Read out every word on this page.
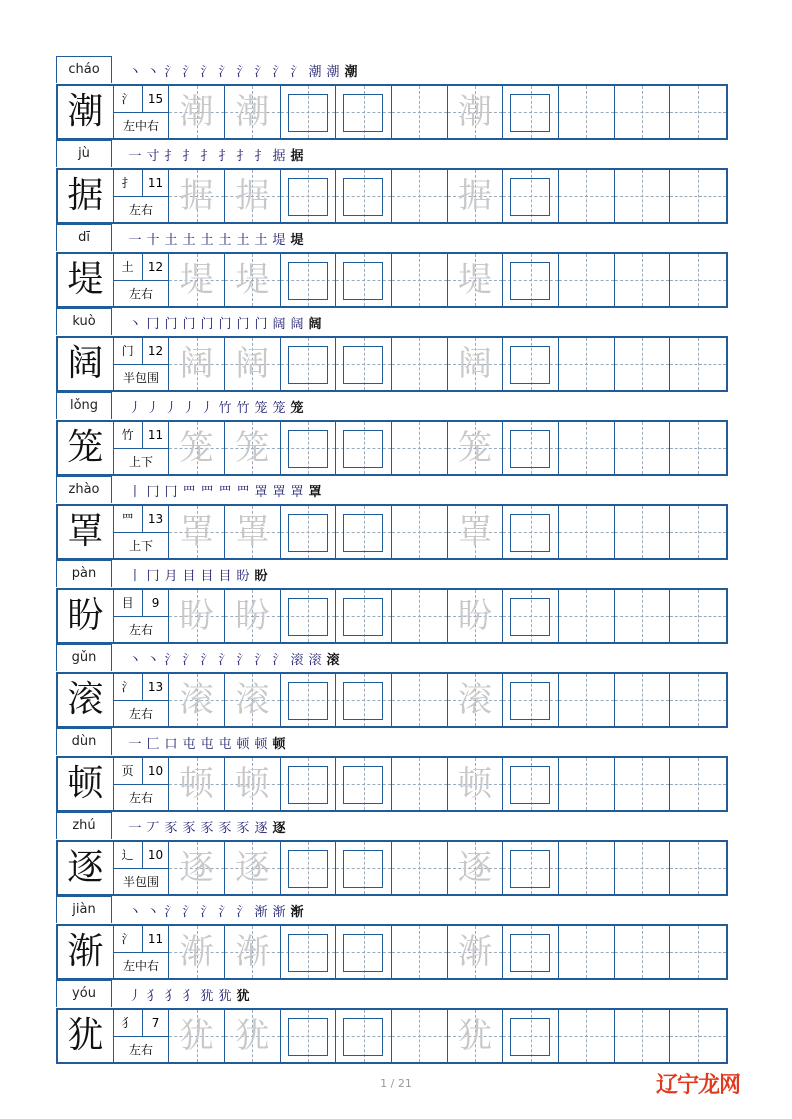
cháo	丶 丶 氵 氵 氵 氵 氵 氵 氵 氵 潮 潮 潮
潮	氵	15
左中右 潮 潮	潮
jù	一 寸 扌 扌 扌 扌 扌 扌 据 据
据	扌	11
左右 据 据	据
dī	一 十 土 土 土 土 土 土 堤 堤
堤	土	12
左右 堤 堤	堤
kuò	丶 冂 门 门 门 门 门 门 阔 阔 阔
阔	门	12
半包围 阔 阔	阔
lǒng	丿 丿 丿 丿 丿 竹 竹 笼 笼 笼
笼	竹	11
上下 笼 笼	笼
zhào	丨 冂 冂 罒 罒 罒 罒 罩 罩 罩 罩
罩	罒	13
上下 罩 罩	罩
pàn	丨 冂 月 目 目 目 盼 盼
盼	目	9
左右 盼 盼	盼
gǔn	丶 丶 氵 氵 氵 氵 氵 氵 氵 滚 滚 滚
滚	氵	13
左右 滚 滚	滚
dùn	一 匚 口 屯 屯 屯 顿 顿 顿
顿	页	10
左右 顿 顿	顿
zhú	一 丆 豕 豕 豕 豕 豕 逐 逐
逐	辶	10
半包围 逐 逐	逐
jiàn	丶 丶 氵 氵 氵 氵 氵 渐 渐 渐
渐	氵	11
左中右 渐 渐	渐
yóu	丿 犭 犭 犭 犹 犹 犹
犹	犭	7
左右 犹 犹	犹
1 / 21	辽宁龙网
